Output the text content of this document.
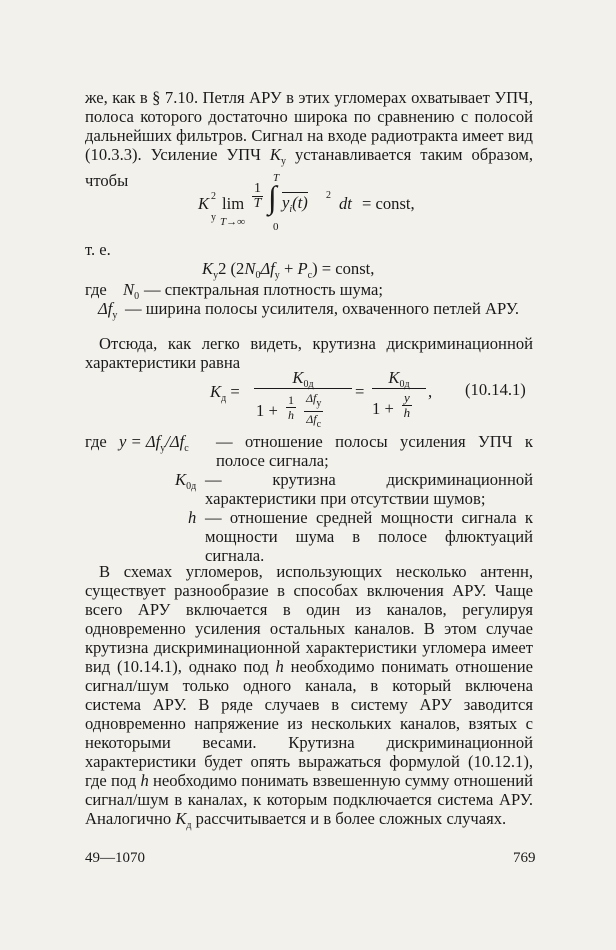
же, как в § 7.10. Петля АРУ в этих угломерах охватывает УПЧ, полоса которого достаточно широка по сравнению с полосой дальнейших фильтров. Сигнал на входе радиотракта имеет вид (10.3.3). Усиление УПЧ $K_у$ устанавливается таким образом, чтобы

K 2
у
lim
T→∞
$\frac{1}{T}$
T
∫
0
$y_i(t)$ 2 dt = const,
т. е.
$K_у2$ $(2N_0\Delta f_у + P_c)$ = const,
где $N_0$ — спектральная плотность шума;
$\Delta f_у$ — ширина полосы усилителя, охваченного петлей АРУ.

Отсюда, как легко видеть, крутизна дискриминационной характеристики равна

$K_д$ =
$K_{0д}$
$1 + \frac{1}{h} \Delta f_у$
$\Delta f_c$
=
$K_{0д}$
$1 + \frac{y}{h}$ , (10.14.1)
где $y = \Delta f_у/\Delta f_c$ — отношение полосы усиления УПЧ к полосе сигнала;
$K_{0д}$ — крутизна дискриминационной характеристики при отсутствии шумов;
h — отношение средней мощности сигнала к мощности шума в полосе флюктуаций сигнала.

В схемах угломеров, использующих несколько антенн, существует разнообразие в способах включения АРУ. Чаще всего АРУ включается в один из каналов, регулируя одновременно усиления остальных каналов. В этом случае крутизна дискриминационной характеристики угломера имеет вид (10.14.1), однако под h необходимо понимать отношение сигнал/шум только одного канала, в который включена система АРУ. В ряде случаев в систему АРУ заводится одновременно напряжение из нескольких каналов, взятых с некоторыми весами. Крутизна дискриминационной характеристики будет опять выражаться формулой (10.12.1), где под h необходимо понимать взвешенную сумму отношений сигнал/шум в каналах, к которым подключается система АРУ. Аналогично $K_д$ рассчитывается и в более сложных случаях.

49—1070	769
